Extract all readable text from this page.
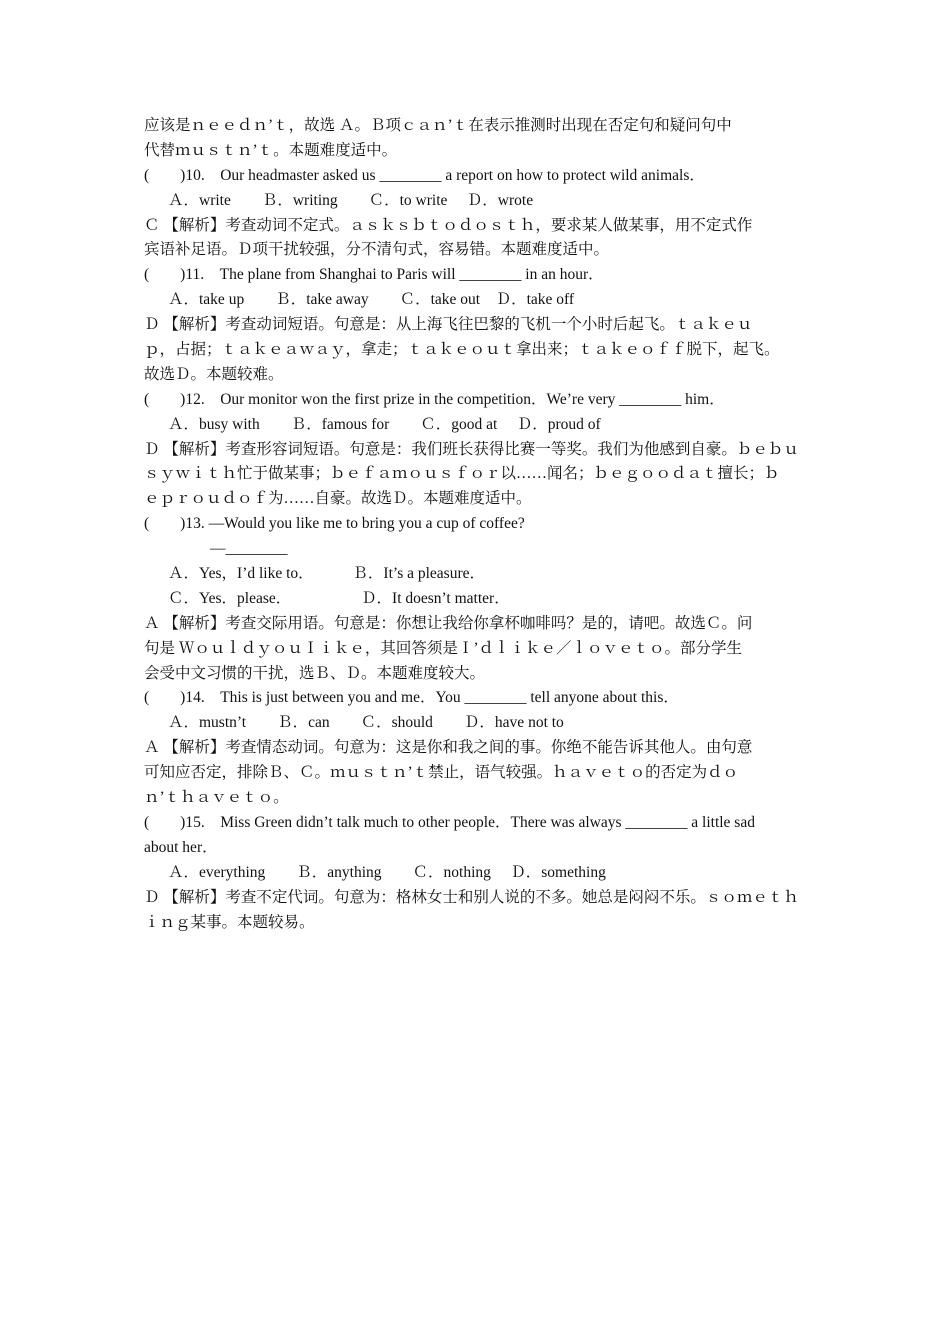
应该是ｎｅｅｄｎ’ｔ，故选 Ａ。Ｂ项ｃａｎ’ｔ在表示推测时出现在否定句和疑问句中
代替ｍｕｓｔｎ’ｔ。本题难度适中。
(　　)10.　Our headmaster asked us ________ a report on how to protect wild animals．
Ａ．write　　Ｂ．writing　　Ｃ．to write　 Ｄ．wrote
Ｃ 【解析】考查动词不定式。ａｓｋｓｂｔｏｄｏｓｔｈ，要求某人做某事，用不定式作
宾语补足语。Ｄ项干扰较强，分不清句式，容易错。本题难度适中。
(　　)11.　The plane from Shanghai to Paris will ________ in an hour．
Ａ．take up　　Ｂ．take away　　Ｃ．take out　Ｄ．take off
Ｄ 【解析】考查动词短语。句意是：从上海飞往巴黎的飞机一个小时后起飞。ｔａｋｅｕ
ｐ，占据；ｔａｋｅａｗａｙ，拿走；ｔａｋｅｏｕｔ拿出来；ｔａｋｅｏｆｆ脱下，起飞。
故选Ｄ。本题较难。
(　　)12.　Our monitor won the first prize in the competition．We’re very ________ him．
Ａ．busy with　　Ｂ．famous for　　Ｃ．good at　 Ｄ．proud of
Ｄ 【解析】考查形容词短语。句意是：我们班长获得比赛一等奖。我们为他感到自豪。ｂｅｂｕ
ｓｙｗｉｔｈ忙于做某事；ｂｅｆａｍｏｕｓｆｏｒ以……闻名；ｂｅｇｏｏｄａｔ擅长；ｂ
ｅｐｒｏｕｄｏｆ为……自豪。故选Ｄ。本题难度适中。
(　　)13. —Would you like me to bring you a cup of coffee?
—________
Ａ．Yes，I’d like to．　　　Ｂ．It’s a pleasure．
Ｃ．Yes．please．　　　　　Ｄ．It doesn’t matter．
Ａ 【解析】考查交际用语。句意是：你想让我给你拿杯咖啡吗？是的，请吧。故选Ｃ。问
句是 ＷｏｕｌｄｙｏｕＩｉｋｅ，其回答须是Ｉ’ｄｌｉｋｅ／ｌｏｖｅｔｏ。部分学生
会受中文习惯的干扰，选Ｂ、Ｄ。本题难度较大。
(　　)14.　This is just between you and me．You ________ tell anyone about this．
Ａ．mustn’t　　Ｂ．can　　Ｃ．should　　Ｄ．have not to
Ａ 【解析】考查情态动词。句意为：这是你和我之间的事。你绝不能告诉其他人。由句意
可知应否定，排除Ｂ、Ｃ。ｍｕｓｔｎ’ｔ禁止，语气较强。ｈａｖｅｔｏ的否定为ｄｏ
ｎ’ｔｈａｖｅｔｏ。
(　　)15.　Miss Green didn’t talk much to other people．There was always ________ a little sad
about her．
Ａ．everything　　Ｂ．anything　　Ｃ．nothing　 Ｄ．something
Ｄ 【解析】考查不定代词。句意为：格林女士和别人说的不多。她总是闷闷不乐。ｓｏｍｅｔｈ
ｉｎｇ某事。本题较易。
